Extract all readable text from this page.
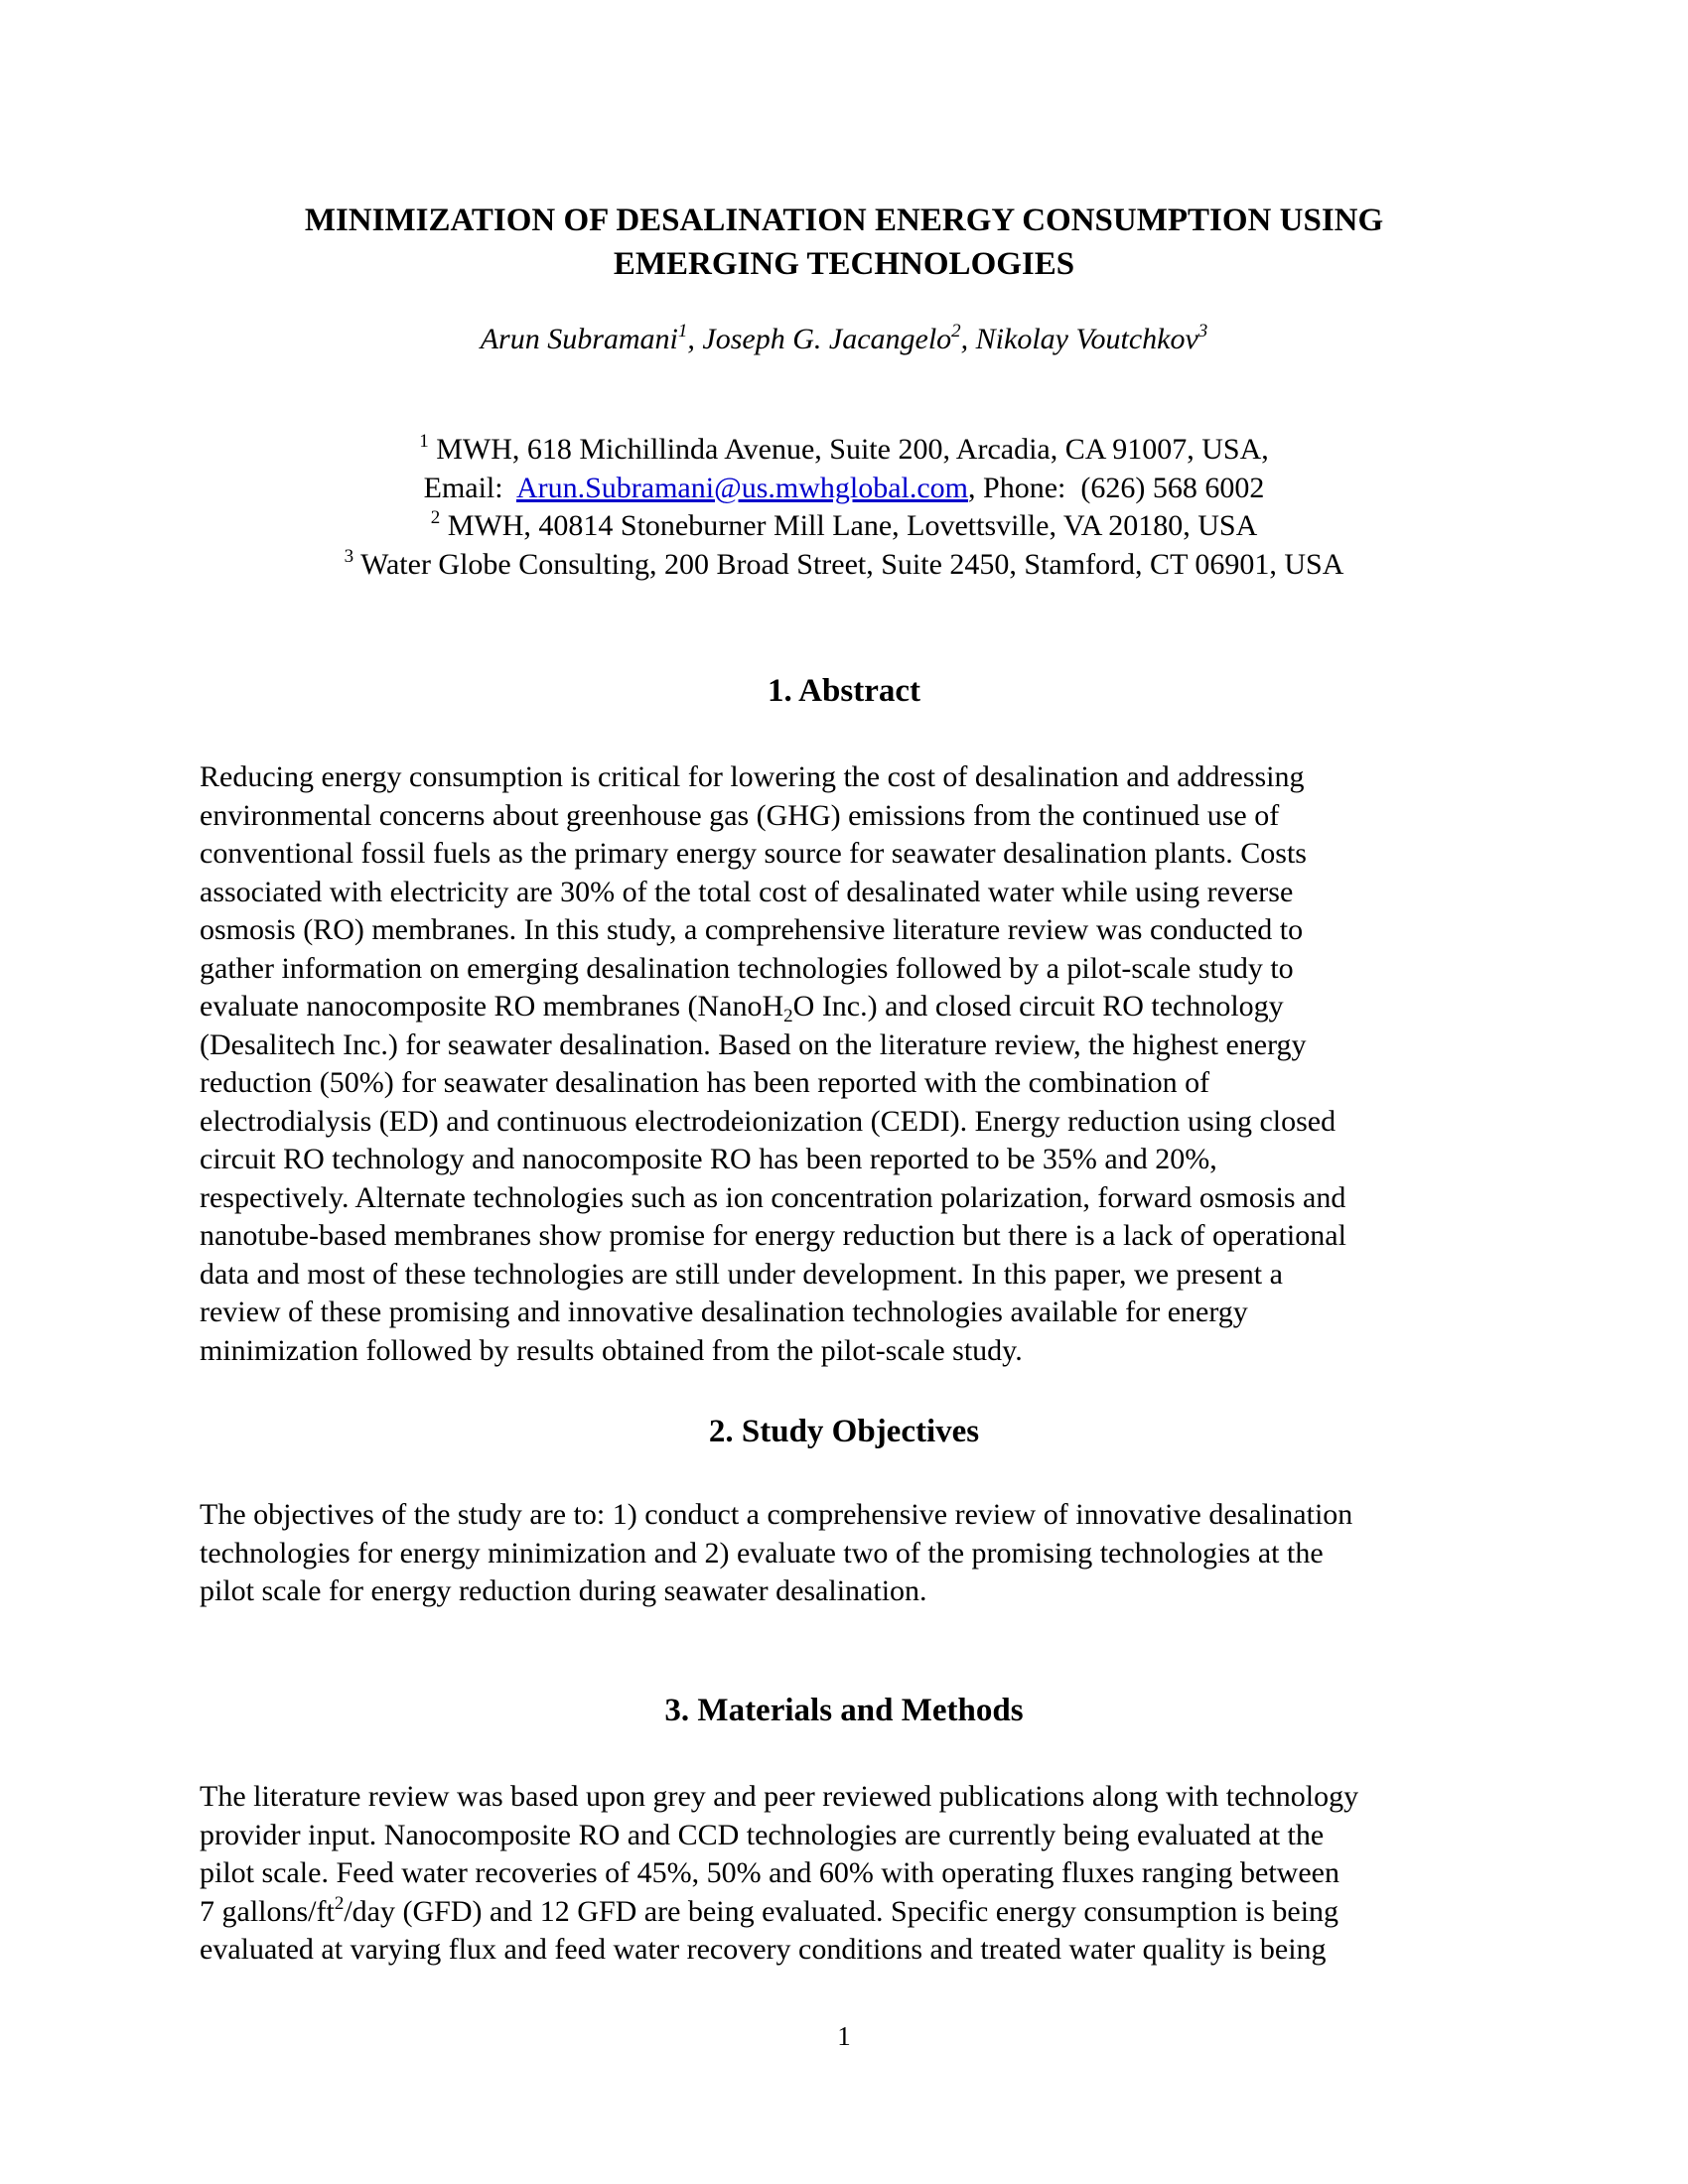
MINIMIZATION OF DESALINATION ENERGY CONSUMPTION USING
EMERGING TECHNOLOGIES
Arun Subramani$^1$, Joseph G. Jacangelo$^2$, Nikolay Voutchkov$^3$
$^1$ MWH, 618 Michillinda Avenue, Suite 200, Arcadia, CA 91007, USA,
Email:  Arun.Subramani@us.mwhglobal.com, Phone:  (626) 568 6002
$^2$ MWH, 40814 Stoneburner Mill Lane, Lovettsville, VA 20180, USA
$^3$ Water Globe Consulting, 200 Broad Street, Suite 2450, Stamford, CT 06901, USA
1. Abstract
Reducing energy consumption is critical for lowering the cost of desalination and addressing
environmental concerns about greenhouse gas (GHG) emissions from the continued use of
conventional fossil fuels as the primary energy source for seawater desalination plants. Costs
associated with electricity are 30% of the total cost of desalinated water while using reverse
osmosis (RO) membranes. In this study, a comprehensive literature review was conducted to
gather information on emerging desalination technologies followed by a pilot-scale study to
evaluate nanocomposite RO membranes (NanoH$_2$O Inc.) and closed circuit RO technology
(Desalitech Inc.) for seawater desalination. Based on the literature review, the highest energy
reduction (50%) for seawater desalination has been reported with the combination of
electrodialysis (ED) and continuous electrodeionization (CEDI). Energy reduction using closed
circuit RO technology and nanocomposite RO has been reported to be 35% and 20%,
respectively. Alternate technologies such as ion concentration polarization, forward osmosis and
nanotube-based membranes show promise for energy reduction but there is a lack of operational
data and most of these technologies are still under development. In this paper, we present a
review of these promising and innovative desalination technologies available for energy
minimization followed by results obtained from the pilot-scale study.
2. Study Objectives
The objectives of the study are to: 1) conduct a comprehensive review of innovative desalination
technologies for energy minimization and 2) evaluate two of the promising technologies at the
pilot scale for energy reduction during seawater desalination.
3. Materials and Methods
The literature review was based upon grey and peer reviewed publications along with technology
provider input. Nanocomposite RO and CCD technologies are currently being evaluated at the
pilot scale. Feed water recoveries of 45%, 50% and 60% with operating fluxes ranging between
7 gallons/$ft^2$/day (GFD) and 12 GFD are being evaluated. Specific energy consumption is being
evaluated at varying flux and feed water recovery conditions and treated water quality is being
1
